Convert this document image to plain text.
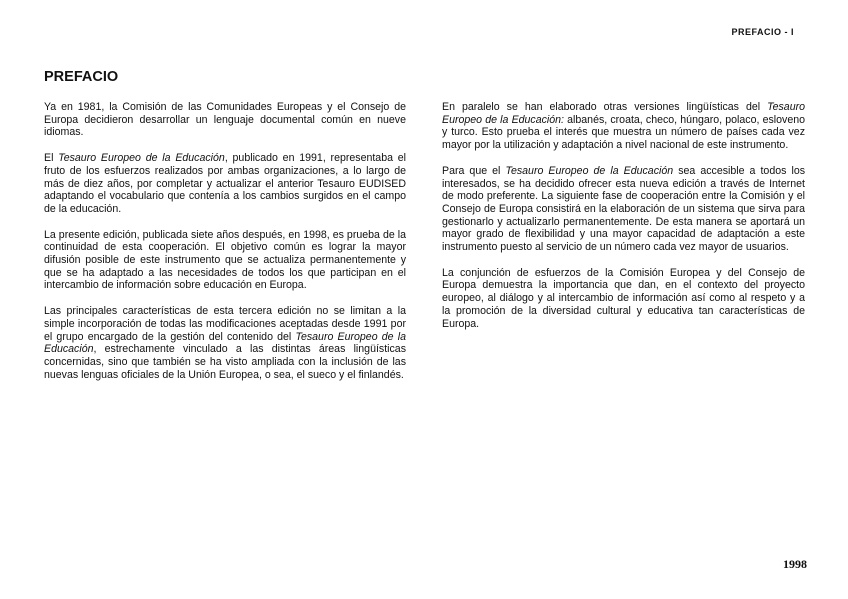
PREFACIO - I
PREFACIO

Ya en 1981, la Comisión de las Comunidades Europeas y el Consejo de Europa decidieron desarrollar un lenguaje documental común en nueve idiomas.

El Tesauro Europeo de la Educación, publicado en 1991, representaba el fruto de los esfuerzos realizados por ambas organizaciones, a lo largo de más de diez años, por completar y actualizar el anterior Tesauro EUDISED adaptando el vocabulario que contenía a los cambios surgidos en el campo de la educación.

La presente edición, publicada siete años después, en 1998, es prueba de la continuidad de esta cooperación. El objetivo común es lograr la mayor difusión posible de este instrumento que se actualiza permanentemente y que se ha adaptado a las necesidades de todos los que participan en el intercambio de información sobre educación en Europa.

Las principales características de esta tercera edición no se limitan a la simple incorporación de todas las modificaciones aceptadas desde 1991 por el grupo encargado de la gestión del contenido del Tesauro Europeo de la Educación, estrechamente vinculado a las distintas áreas lingüísticas concernidas, sino que también se ha visto ampliada con la inclusión de las nuevas lenguas oficiales de la Unión Europea, o sea, el sueco y el finlandés.

En paralelo se han elaborado otras versiones lingüísticas del Tesauro Europeo de la Educación: albanés, croata, checo, húngaro, polaco, esloveno y turco. Esto prueba el interés que muestra un número de países cada vez mayor por la utilización y adaptación a nivel nacional de este instrumento.

Para que el Tesauro Europeo de la Educación sea accesible a todos los interesados, se ha decidido ofrecer esta nueva edición a través de Internet de modo preferente. La siguiente fase de cooperación entre la Comisión y el Consejo de Europa consistirá en la elaboración de un sistema que sirva para gestionarlo y actualizarlo permanentemente. De esta manera se aportará un mayor grado de flexibilidad y una mayor capacidad de adaptación a este instrumento puesto al servicio de un número cada vez mayor de usuarios.

La conjunción de esfuerzos de la Comisión Europea y del Consejo de Europa demuestra la importancia que dan, en el contexto del proyecto europeo, al diálogo y al intercambio de información así como al respeto y a la promoción de la diversidad cultural y educativa tan características de Europa.

1998
